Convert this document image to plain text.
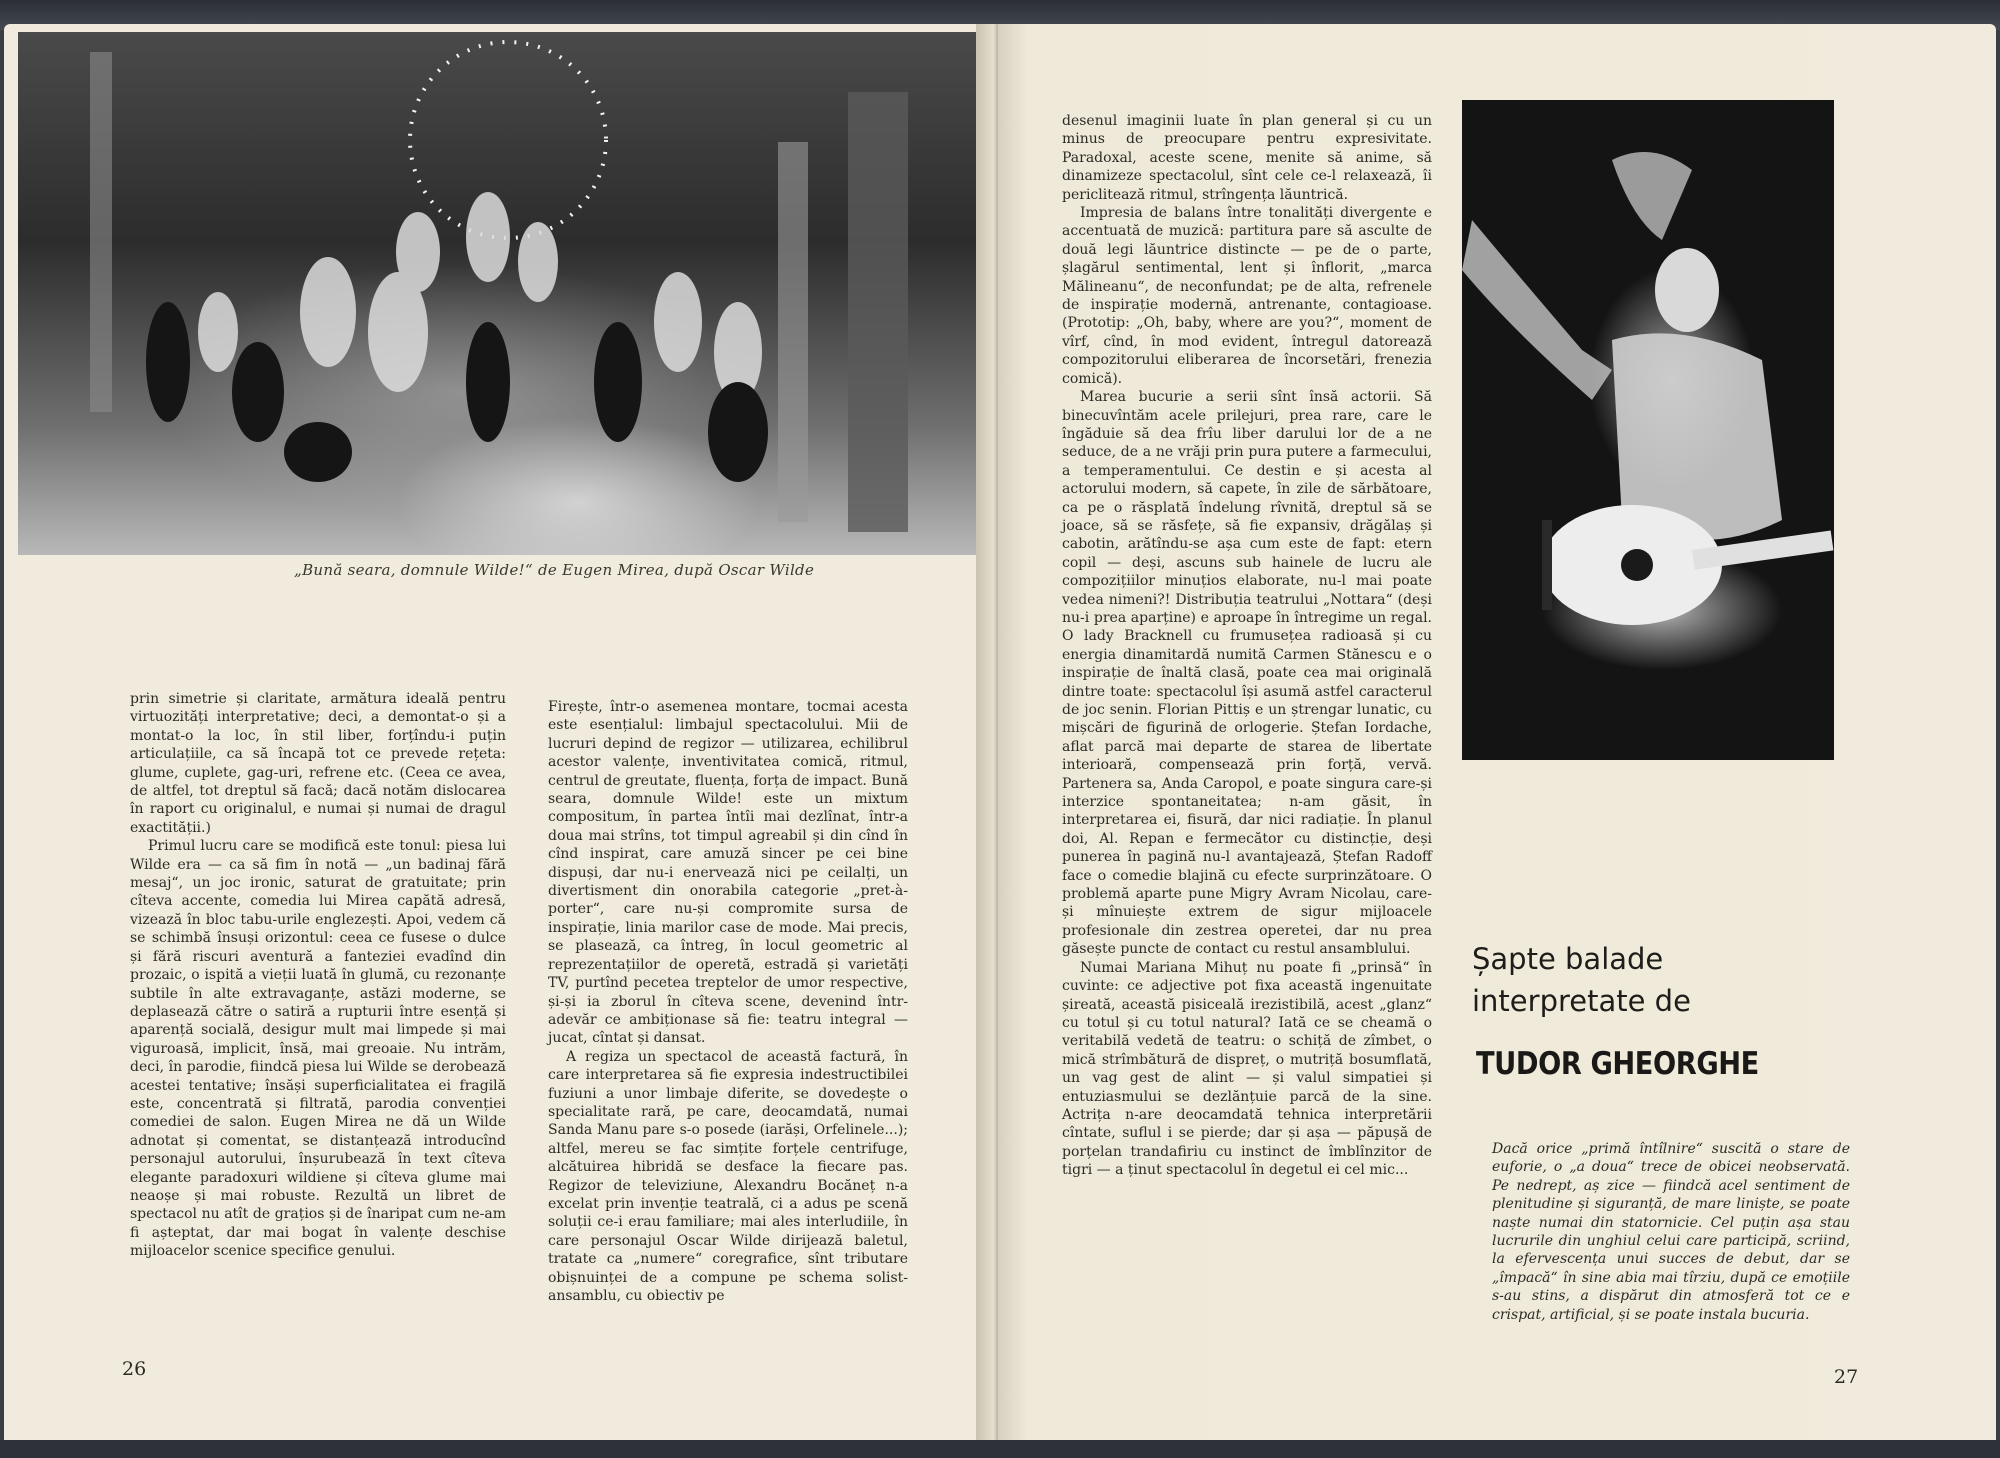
„Bună seara, domnule Wilde!“ de Eugen Mirea, după Oscar Wilde

prin simetrie și claritate, armătura ideală pentru virtuozități interpretative; deci, a demontat-o și a montat-o la loc, în stil liber, forțîndu-i puțin articulațiile, ca să încapă tot ce prevede rețeta: glume, cuplete, gag-uri, refrene etc. (Ceea ce avea, de altfel, tot dreptul să facă; dacă notăm dislocarea în raport cu originalul, e numai și numai de dragul exactității.)

Primul lucru care se modifică este tonul: piesa lui Wilde era — ca să fim în notă — „un badinaj fără mesaj“, un joc ironic, saturat de gratuitate; prin cîteva accente, comedia lui Mirea capătă adresă, vizează în bloc tabu-urile englezești. Apoi, vedem că se schimbă însuși orizontul: ceea ce fusese o dulce și fără riscuri aventură a fanteziei evadînd din prozaic, o ispită a vieții luată în glumă, cu rezonanțe subtile în alte extravaganțe, astăzi moderne, se deplasează către o satiră a rupturii între esență și aparență socială, desigur mult mai limpede și mai viguroasă, implicit, însă, mai greoaie. Nu intrăm, deci, în parodie, fiindcă piesa lui Wilde se derobează acestei tentative; însăși superficialitatea ei fragilă este, concentrată și filtrată, parodia convenției comediei de salon. Eugen Mirea ne dă un Wilde adnotat și comentat, se distanțează introducînd personajul autorului, înșurubează în text cîteva elegante paradoxuri wildiene și cîteva glume mai neaoșe și mai robuste. Rezultă un libret de spectacol nu atît de grațios și de înaripat cum ne-am fi așteptat, dar mai bogat în valențe deschise mijloacelor scenice specifice genului.

Firește, într-o asemenea montare, tocmai acesta este esențialul: limbajul spectacolului. Mii de lucruri depind de regizor — utilizarea, echilibrul acestor valențe, inventivitatea comică, ritmul, centrul de greutate, fluența, forța de impact. Bună seara, domnule Wilde! este un mixtum compositum, în partea întîi mai dezlînat, într-a doua mai strîns, tot timpul agreabil și din cînd în cînd inspirat, care amuză sincer pe cei bine dispuși, dar nu-i enervează nici pe ceilalți, un divertisment din onorabila categorie „pret-à-porter“, care nu-și compromite sursa de inspirație, linia marilor case de mode. Mai precis, se plasează, ca întreg, în locul geometric al reprezentațiilor de operetă, estradă și varietăți TV, purtînd pecetea treptelor de umor respective, și-și ia zborul în cîteva scene, devenind într-adevăr ce ambiționase să fie: teatru integral — jucat, cîntat și dansat.

A regiza un spectacol de această factură, în care interpretarea să fie expresia indestructibilei fuziuni a unor limbaje diferite, se dovedește o specialitate rară, pe care, deocamdată, numai Sanda Manu pare s-o posede (iarăși, Orfelinele...); altfel, mereu se fac simțite forțele centrifuge, alcătuirea hibridă se desface la fiecare pas. Regizor de televiziune, Alexandru Bocăneț n-a excelat prin invenție teatrală, ci a adus pe scenă soluții ce-i erau familiare; mai ales interludiile, în care personajul Oscar Wilde dirijează baletul, tratate ca „numere“ coregrafice, sînt tributare obișnuinței de a compune pe schema solist-ansamblu, cu obiectiv pe

26

desenul imaginii luate în plan general și cu un minus de preocupare pentru expresivitate. Paradoxal, aceste scene, menite să anime, să dinamizeze spectacolul, sînt cele ce-l relaxează, îi periclitează ritmul, strîngența lăuntrică.

Impresia de balans între tonalități divergente e accentuată de muzică: partitura pare să asculte de două legi lăuntrice distincte — pe de o parte, șlagărul sentimental, lent și înflorit, „marca Mălineanu“, de neconfundat; pe de alta, refrenele de inspirație modernă, antrenante, contagioase. (Prototip: „Oh, baby, where are you?“, moment de vîrf, cînd, în mod evident, întregul datorează compozitorului eliberarea de încorsetări, frenezia comică).

Marea bucurie a serii sînt însă actorii. Să binecuvîntăm acele prilejuri, prea rare, care le îngăduie să dea frîu liber darului lor de a ne seduce, de a ne vrăji prin pura putere a farmecului, a temperamentului. Ce destin e și acesta al actorului modern, să capete, în zile de sărbătoare, ca pe o răsplată îndelung rîvnită, dreptul să se joace, să se răsfețe, să fie expansiv, drăgălaș și cabotin, arătîndu-se așa cum este de fapt: etern copil — deși, ascuns sub hainele de lucru ale compozițiilor minuțios elaborate, nu-l mai poate vedea nimeni?! Distribuția teatrului „Nottara“ (deși nu-i prea aparține) e aproape în întregime un regal. O lady Bracknell cu frumusețea radioasă și cu energia dinamitardă numită Carmen Stănescu e o inspirație de înaltă clasă, poate cea mai originală dintre toate: spectacolul își asumă astfel caracterul de joc senin. Florian Pittiș e un ștrengar lunatic, cu mișcări de figurină de orlogerie. Ștefan Iordache, aflat parcă mai departe de starea de libertate interioară, compensează prin forță, vervă. Partenera sa, Anda Caropol, e poate singura care-și interzice spontaneitatea; n-am găsit, în interpretarea ei, fisură, dar nici radiație. În planul doi, Al. Repan e fermecător cu distincție, deși punerea în pagină nu-l avantajează, Ștefan Radoff face o comedie blajină cu efecte surprinzătoare. O problemă aparte pune Migry Avram Nicolau, care-și mînuiește extrem de sigur mijloacele profesionale din zestrea operetei, dar nu prea găsește puncte de contact cu restul ansamblului.

Numai Mariana Mihuț nu poate fi „prinsă“ în cuvinte: ce adjective pot fixa această ingenuitate șireată, această pisiceală irezistibilă, acest „glanz“ cu totul și cu totul natural? Iată ce se cheamă o veritabilă vedetă de teatru: o schiță de zîmbet, o mică strîmbătură de dispreț, o mutriță bosumflată, un vag gest de alint — și valul simpatiei și entuziasmului se dezlănțuie parcă de la sine. Actrița n-are deocamdată tehnica interpretării cîntate, suflul i se pierde; dar și așa — păpușă de porțelan trandafiriu cu instinct de îmblînzitor de tigri — a ținut spectacolul în degetul ei cel mic...

Șapte balade
interpretate de
TUDOR GHEORGHE
Dacă orice „primă întîlnire“ suscită o stare de euforie, o „a doua“ trece de obicei neobservată. Pe nedrept, aș zice — fiindcă acel sentiment de plenitudine și siguranță, de mare liniște, se poate naște numai din statornicie. Cel puțin așa stau lucrurile din unghiul celui care participă, scriind, la efervescența unui succes de debut, dar se „împacă“ în sine abia mai tîrziu, după ce emoțiile s-au stins, a dispărut din atmosferă tot ce e crispat, artificial, și se poate instala bucuria.
27
